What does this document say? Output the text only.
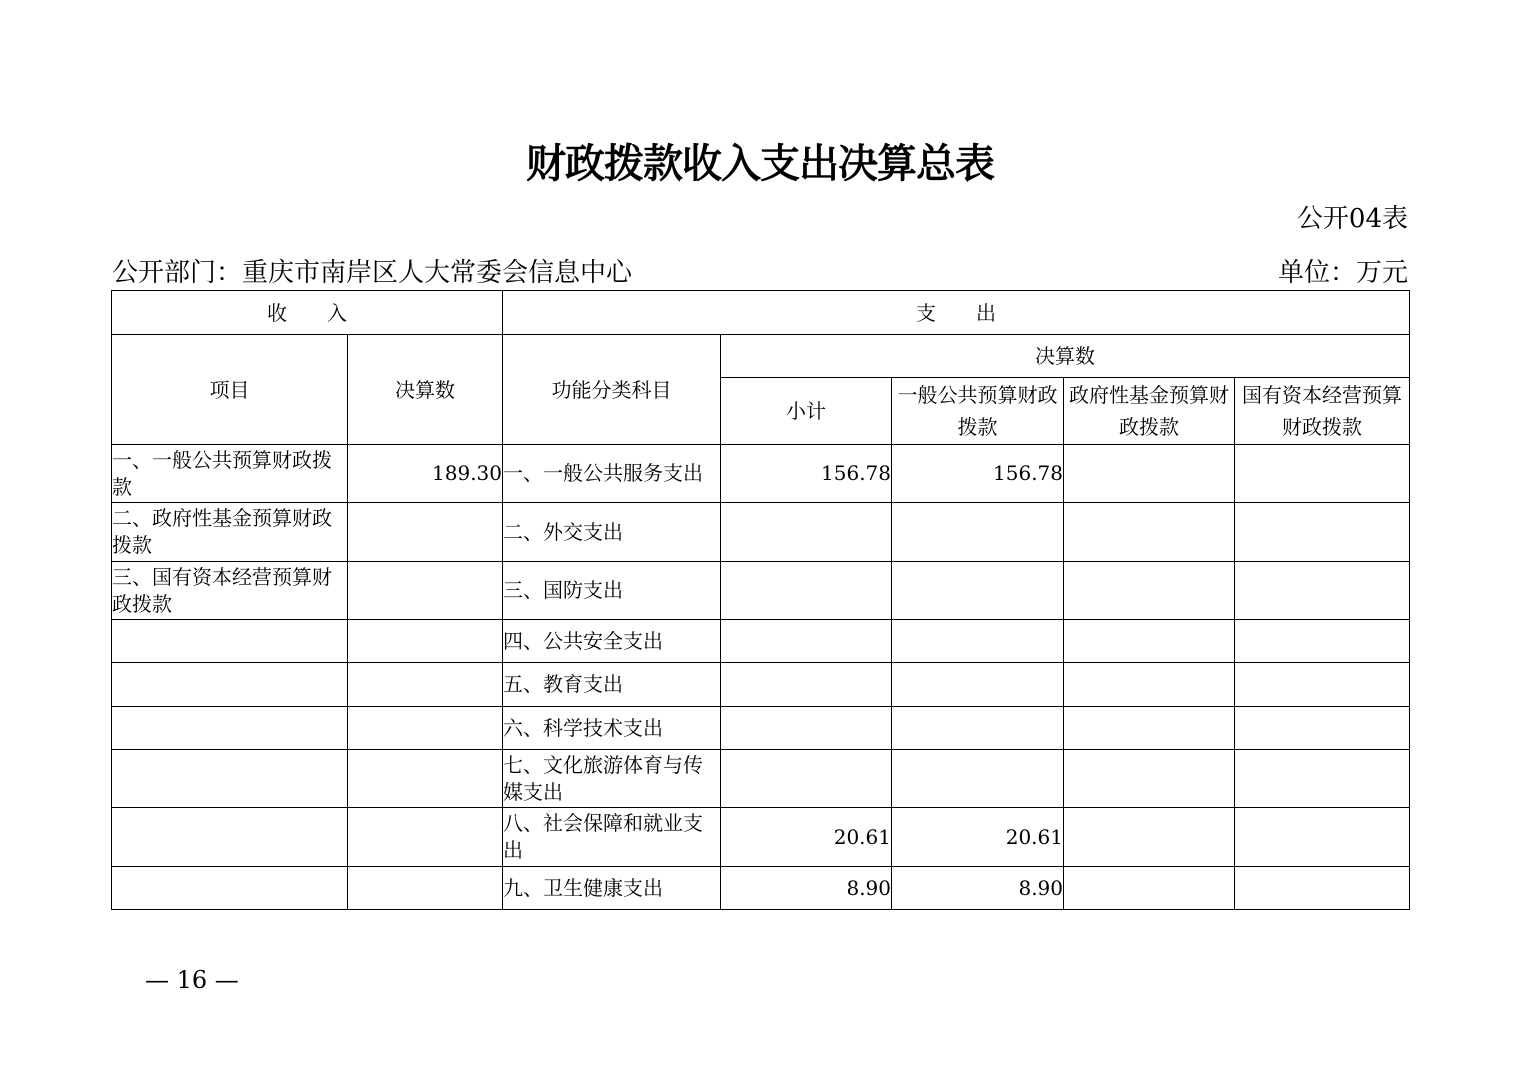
财政拨款收入支出决算总表
公开04表
公开部门：重庆市南岸区人大常委会信息中心	单位：万元
收　　入		支　　出				
项目	决算数	功能分类科目	决算数			
			小计	一般公共预算财政拨款	政府性基金预算财政拨款	国有资本经营预算财政拨款
一、一般公共预算财政拨款	189.30	一、一般公共服务支出	156.78	156.78		
二、政府性基金预算财政拨款		二、外交支出				
三、国有资本经营预算财政拨款		三、国防支出				
		四、公共安全支出				
		五、教育支出				
		六、科学技术支出				
		七、文化旅游体育与传媒支出				
		八、社会保障和就业支出	20.61	20.61		
		九、卫生健康支出	8.90	8.90		
— 16 —
